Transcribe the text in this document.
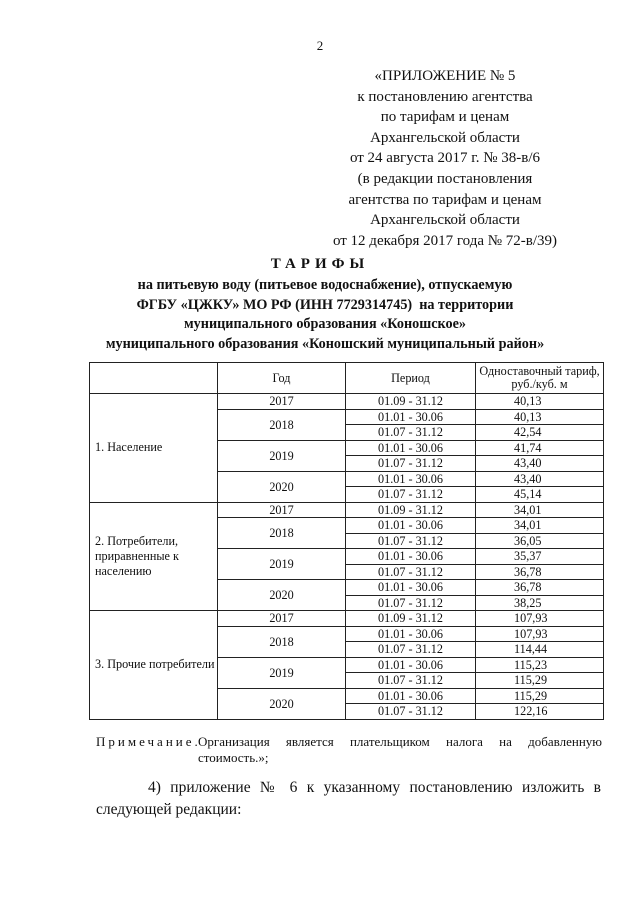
2
«ПРИЛОЖЕНИЕ № 5
к постановлению агентства
по тарифам и ценам
Архангельской области
от 24 августа 2017 г. № 38-в/6
(в редакции постановления
агентства по тарифам и ценам
Архангельской области
от 12 декабря 2017 года № 72-в/39)
ТАРИФЫ
на питьевую воду (питьевое водоснабжение), отпускаемую
ФГБУ «ЦЖКУ» МО РФ (ИНН 7729314745)  на территории
муниципального образования «Коношское»
муниципального образования «Коношский муниципальный район»
	Год	Период	Одноставочный тариф, руб./куб. м
1. Население	2017	01.09 - 31.12	40,13
	2018	01.01 - 30.06	40,13
		01.07 - 31.12	42,54
	2019	01.01 - 30.06	41,74
		01.07 - 31.12	43,40
	2020	01.01 - 30.06	43,40
		01.07 - 31.12	45,14
2. Потребители, приравненные к населению	2017	01.09 - 31.12	34,01
	2018	01.01 - 30.06	34,01
		01.07 - 31.12	36,05
	2019	01.01 - 30.06	35,37
		01.07 - 31.12	36,78
	2020	01.01 - 30.06	36,78
		01.07 - 31.12	38,25
3. Прочие потребители	2017	01.09 - 31.12	107,93
	2018	01.01 - 30.06	107,93
		01.07 - 31.12	114,44
	2019	01.01 - 30.06	115,23
		01.07 - 31.12	115,29
	2020	01.01 - 30.06	115,29
		01.07 - 31.12	122,16
Примечание.
Организация является плательщиком налога на добавленную стоимость.»;
4) приложение № 6 к указанному постановлению изложить в следующей редакции:
